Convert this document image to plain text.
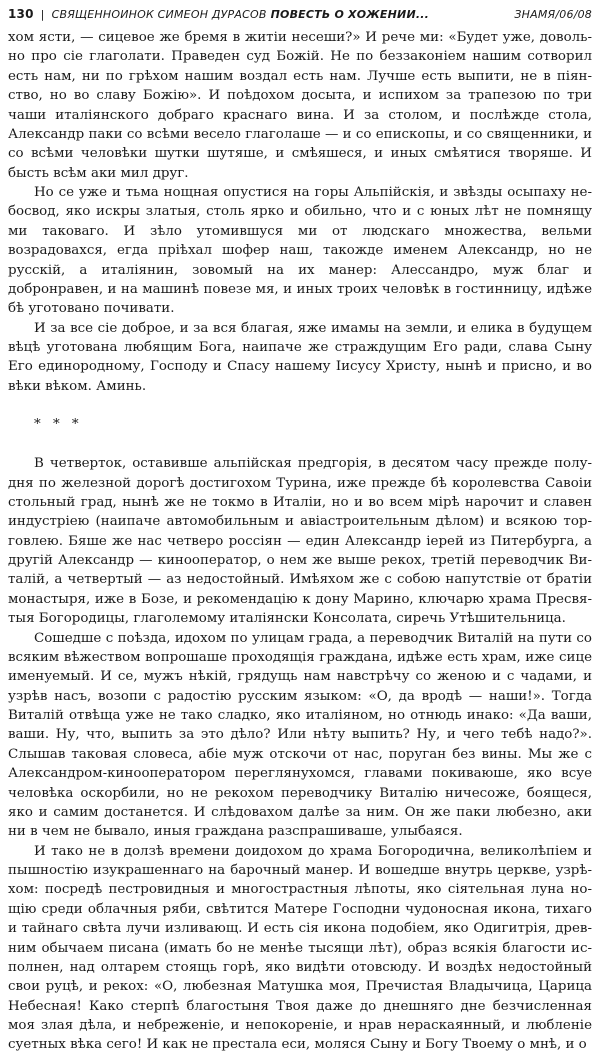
130 | СВЯЩЕННОИНОК СИМЕОН ДУРАСОВ ПОВЕСТЬ О ХОЖЕНИИ...	ЗНАМЯ/06/08

хом ясти, — сицевое же бремя в житіи несеши?» И рече ми: «Будет уже, довольно про сіе глаголати. Праведен суд Божій. Не по беззаконіем нашим сотворил есть нам, ни по грѣхом нашим воздал есть нам. Лучше есть выпити, не в піянство, но во славу Божію». И поѣдохом досыта, и испихом за трапезою по три чаши италіянского добраго краснаго вина. И за столом, и послѣжде стола, Александр паки со всѣми весело глаголаше — и со епископы, и со священники, и со всѣми человѣки шутки шутяше, и смѣяшеся, и иных смѣятися творяше. И бысть всѣм аки мил друг.

Но се уже и тьма нощная опустися на горы Альпійскія, и звѣзды осыпаху небосвод, яко искры златыя, столь ярко и обильно, что и с юных лѣт не помнящу ми таковаго. И зѣло утомившуся ми от людскаго множества, вельми возрадовахся, егда пріѣхал шофер наш, такожде именем Александр, но не русскій, а италіянин, зовомый на их манер: Алессандро, муж благ и добронравен, и на машинѣ повезе мя, и иных троих человѣк в гостинницу, идѣже бѣ уготовано почивати.

И за все сіе доброе, и за вся благая, яже имамы на земли, и елика в будущем вѣцѣ уготована любящим Бога, наипаче же страждущим Его ради, слава Сыну Его единородному, Господу и Спасу нашему Іисусу Христу, нынѣ и присно, и во вѣки вѣком. Аминь.

* * *

В четверток, оставивше альпійская предгорія, в десятом часу прежде полудня по железной дорогѣ достигохом Турина, иже прежде бѣ королевства Савоіи стольный град, нынѣ же не токмо в Италіи, но и во всем мірѣ нарочит и славен индустріею (наипаче автомобильным и авіастроительным дѣлом) и всякою торговлею. Бяше же нас четверо россіян — един Александр іерей из Питербурга, а другій Александр — кинооператор, о нем же выше рекох, третій переводчик Виталій, а четвертый — аз недостойный. Имѣяхом же с собою напутствіе от братіи монастыря, иже в Бозе, и рекомендацію к дону Марино, ключарю храма Пресвятыя Богородицы, глаголемому италіянски Консолата, сиречь Утѣшительница.

Сошедше с поѣзда, идохом по улицам града, а переводчик Виталій на пути со всяким вѣжеством вопрошаше проходящія граждана, идѣже есть храм, иже сице именуемый. И се, мужъ нѣкій, грядущь нам навстрѣчу со женою и с чадами, и узрѣв насъ, возопи с радостію русским языком: «О, да вродѣ — наши!». Тогда Виталій отвѣща уже не тако сладко, яко италіяном, но отнюдь инако: «Да ваши, ваши. Ну, что, выпить за это дѣло? Или нѣту выпить? Ну, и чего тебѣ надо?». Слышав таковая словеса, абіе муж отскочи от нас, поруган без вины. Мы же с Александром-кинооператором переглянухомся, главами покиваюше, яко всуе человѣка оскорбили, но не рекохом переводчику Виталію ничесоже, боящеся, яко и самим достанется. И слѣдовахом далѣе за ним. Он же паки любезно, аки ни в чем не бывало, иныя граждана разспрашиваше, улыбаяся.

И тако не в долзѣ времени доидохом до храма Богородична, великолѣпіем и пышностію изукрашеннаго на барочный манер. И вошедше внутрь церкве, узрѣхом: посредѣ пестровидныя и многострастныя лѣпоты, яко сіятельная луна нощію среди облачныя ряби, свѣтится Матере Господни чудоносная икона, тихаго и тайнаго свѣта лучи изливающ. И есть сія икона подобіем, яко Одигитрія, древним обычаем писана (имать бо не менѣе тысящи лѣт), образ всякія благости исполнен, над олтарем стоящь горѣ, яко видѣти отовсюду. И воздѣх недостойный свои руцѣ, и рекох: «О, любезная Матушка моя, Пречистая Владычица, Царица Небесная! Како стерпѣ благостыня Твоя даже до днешняго дне безчисленная моя злая дѣла, и небреженіе, и непокореніе, и нрав нераскаянный, и любленіе суетных вѣка сего! И как не престала еси, моляся Сыну и Богу Твоему о мнѣ, и о
